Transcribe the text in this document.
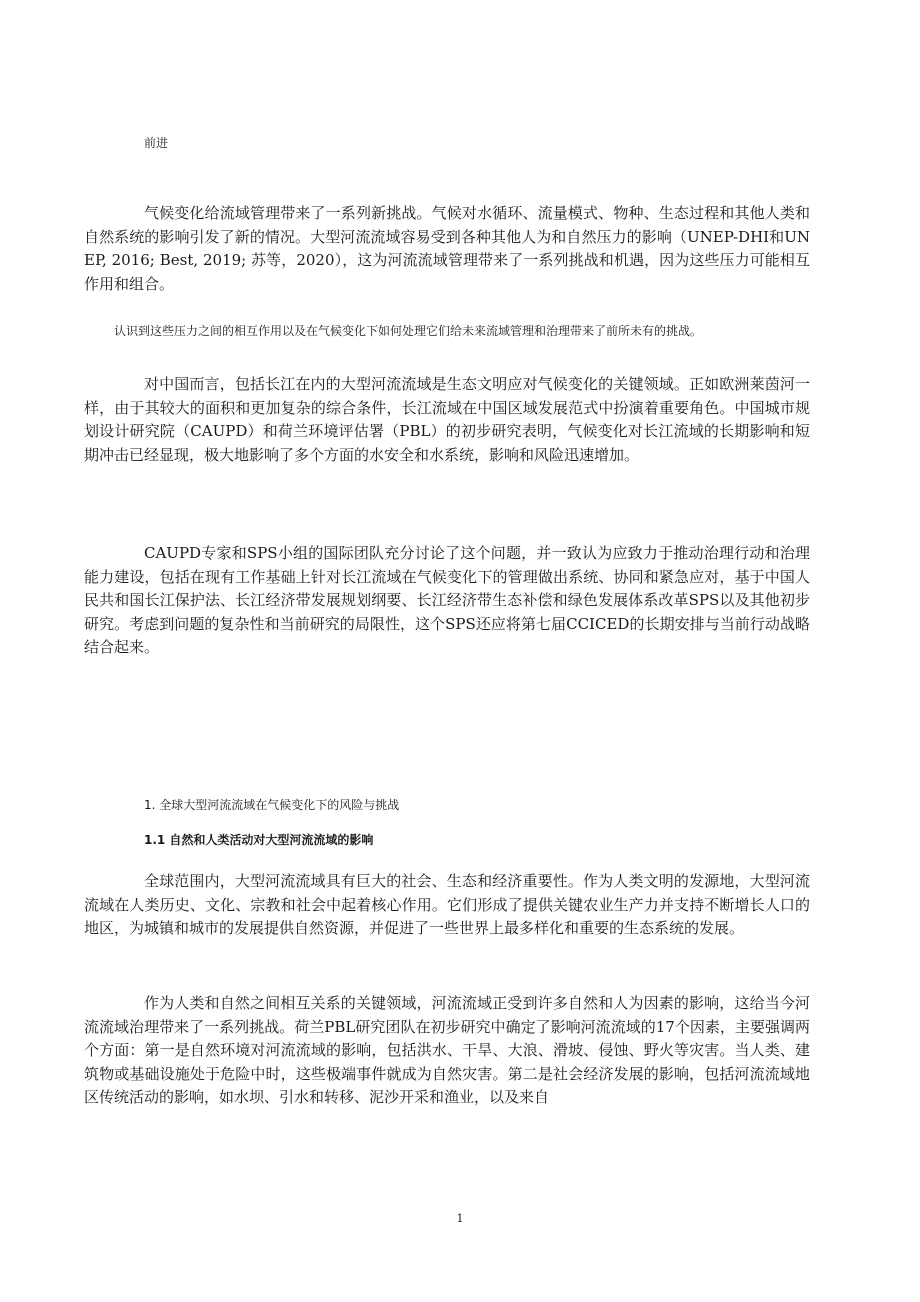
前进

气候变化给流域管理带来了一系列新挑战。气候对水循环、流量模式、物种、生态过程和其他人类和自然系统的影响引发了新的情况。大型河流流域容易受到各种其他人为和自然压力的影响（UNEP-DHI和UNEP, 2016; Best, 2019; 苏等，2020），这为河流流域管理带来了一系列挑战和机遇，因为这些压力可能相互作用和组合。

认识到这些压力之间的相互作用以及在气候变化下如何处理它们给未来流域管理和治理带来了前所未有的挑战。

对中国而言，包括长江在内的大型河流流域是生态文明应对气候变化的关键领域。正如欧洲莱茵河一样，由于其较大的面积和更加复杂的综合条件，长江流域在中国区域发展范式中扮演着重要角色。中国城市规划设计研究院（CAUPD）和荷兰环境评估署（PBL）的初步研究表明，气候变化对长江流域的长期影响和短期冲击已经显现，极大地影响了多个方面的水安全和水系统，影响和风险迅速增加。

CAUPD专家和SPS小组的国际团队充分讨论了这个问题，并一致认为应致力于推动治理行动和治理能力建设，包括在现有工作基础上针对长江流域在气候变化下的管理做出系统、协同和紧急应对，基于中国人民共和国长江保护法、长江经济带发展规划纲要、长江经济带生态补偿和绿色发展体系改革SPS以及其他初步研究。考虑到问题的复杂性和当前研究的局限性，这个SPS还应将第七届CCICED的长期安排与当前行动战略结合起来。

1. 全球大型河流流域在气候变化下的风险与挑战

1.1 自然和人类活动对大型河流流域的影响

全球范围内，大型河流流域具有巨大的社会、生态和经济重要性。作为人类文明的发源地，大型河流流域在人类历史、文化、宗教和社会中起着核心作用。它们形成了提供关键农业生产力并支持不断增长人口的地区，为城镇和城市的发展提供自然资源，并促进了一些世界上最多样化和重要的生态系统的发展。

作为人类和自然之间相互关系的关键领域，河流流域正受到许多自然和人为因素的影响，这给当今河流流域治理带来了一系列挑战。荷兰PBL研究团队在初步研究中确定了影响河流流域的17个因素，主要强调两个方面：第一是自然环境对河流流域的影响，包括洪水、干旱、大浪、滑坡、侵蚀、野火等灾害。当人类、建筑物或基础设施处于危险中时，这些极端事件就成为自然灾害。第二是社会经济发展的影响，包括河流流域地区传统活动的影响，如水坝、引水和转移、泥沙开采和渔业，以及来自

1
